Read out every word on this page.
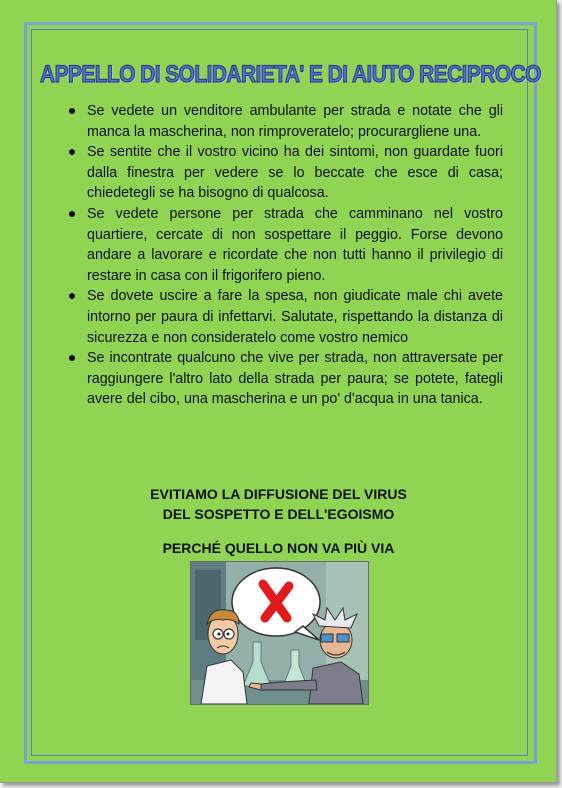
APPELLO DI SOLIDARIETA' E DI AIUTO RECIPROCO
Se vedete un venditore ambulante per strada e notate che gli manca la mascherina, non rimproveratelo; procurargliene una.
Se sentite che il vostro vicino ha dei sintomi, non guardate fuori dalla finestra per vedere se lo beccate che esce di casa; chiedetegli se ha bisogno di qualcosa.
Se vedete persone per strada che camminano nel vostro quartiere, cercate di non sospettare il peggio. Forse devono andare a lavorare e ricordate che non tutti hanno il privilegio di restare in casa con il frigorifero pieno.
Se dovete uscire a fare la spesa, non giudicate male chi avete intorno per paura di infettarvi. Salutate, rispettando la distanza di sicurezza e non consideratelo come vostro nemico
Se incontrate qualcuno che vive per strada, non attraversate per raggiungere l'altro lato della strada per paura; se potete, fategli avere del cibo, una mascherina e un po' d'acqua in una tanica.
EVITIAMO LA DIFFUSIONE DEL VIRUS
DEL SOSPETTO E DELL'EGOISMO
PERCHÉ QUELLO NON VA PIÙ VIA
